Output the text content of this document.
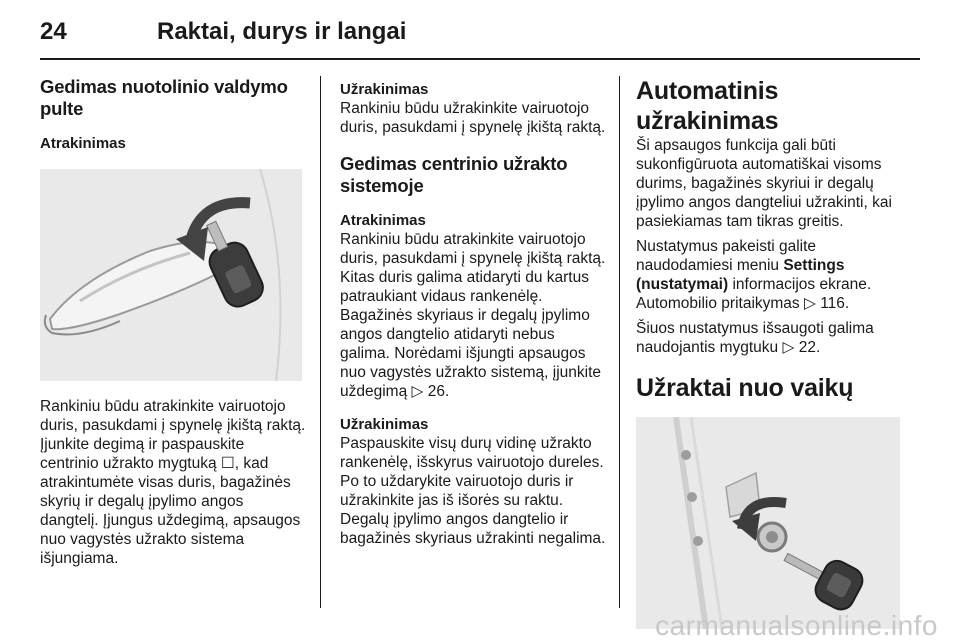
24	Raktai, durys ir langai
Gedimas nuotolinio valdymo pulte
Atrakinimas

Rankiniu būdu atrakinkite vairuotojo duris, pasukdami į spynelę įkištą raktą. Įjunkite degimą ir paspauskite centrinio užrakto mygtuką ☐, kad atrakintumėte visas duris, bagažinės skyrių ir degalų įpylimo angos dangtelį. Įjungus uždegimą, apsaugos nuo vagystės užrakto sistema išjungiama.

Užrakinimas

Rankiniu būdu užrakinkite vairuotojo duris, pasukdami į spynelę įkištą raktą.

Gedimas centrinio užrakto sistemoje
Atrakinimas

Rankiniu būdu atrakinkite vairuotojo duris, pasukdami į spynelę įkištą raktą. Kitas duris galima atidaryti du kartus patraukiant vidaus rankenėlę. Bagažinės skyriaus ir degalų įpylimo angos dangtelio atidaryti nebus galima. Norėdami išjungti apsaugos nuo vagystės užrakto sistemą, įjunkite uždegimą ▷ 26.

Užrakinimas

Paspauskite visų durų vidinę užrakto rankenėlę, išskyrus vairuotojo dureles. Po to uždarykite vairuotojo duris ir užrakinkite jas iš išorės su raktu. Degalų įpylimo angos dangtelio ir bagažinės skyriaus užrakinti negalima.

Automatinis užrakinimas

Ši apsaugos funkcija gali būti sukonfigūruota automatiškai visoms durims, bagažinės skyriui ir degalų įpylimo angos dangteliui užrakinti, kai pasiekiamas tam tikras greitis.

Nustatymus pakeisti galite naudodamiesi meniu Settings (nustatymai) informacijos ekrane. Automobilio pritaikymas ▷ 116.

Šiuos nustatymus išsaugoti galima naudojantis mygtuku ▷ 22.

Užraktai nuo vaikų
carmanualsonline.info
